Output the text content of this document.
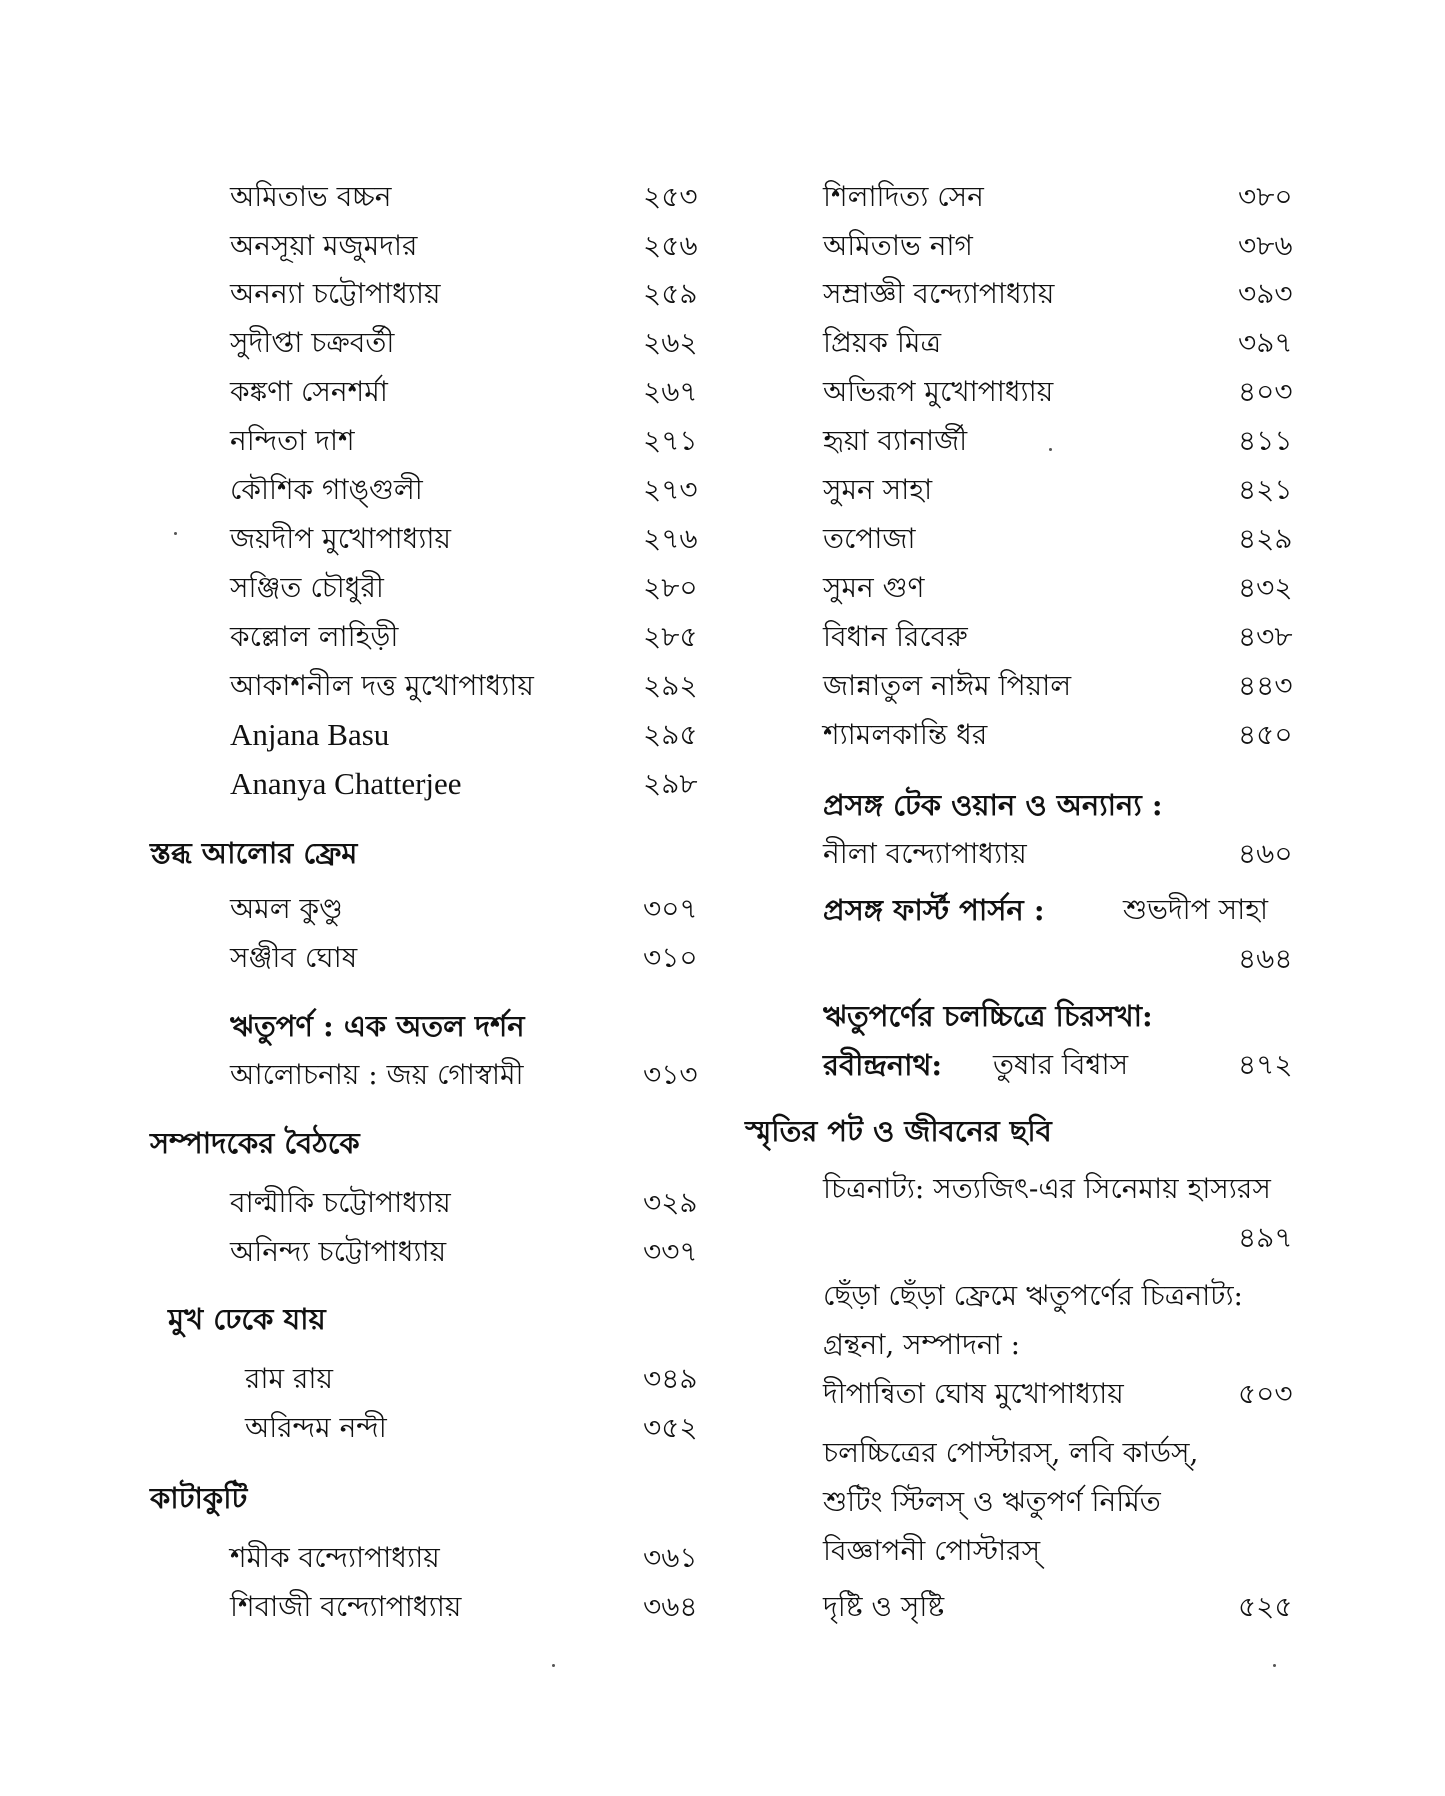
অমিতাভ বচ্চন	২৫৩
অনসূয়া মজুমদার	২৫৬
অনন্যা চট্টোপাধ্যায়	২৫৯
সুদীপ্তা চক্রবর্তী	২৬২
কঙ্কণা সেনশর্মা	২৬৭
নন্দিতা দাশ	২৭১
কৌশিক গাঙ্গুলী	২৭৩
জয়দীপ মুখোপাধ্যায়	২৭৬
সঞ্জিত চৌধুরী	২৮০
কল্লোল লাহিড়ী	২৮৫
আকাশনীল দত্ত মুখোপাধ্যায়	২৯২
Anjana Basu	২৯৫
Ananya Chatterjee	২৯৮
স্তব্ধ আলোর ফ্রেম
অমল কুণ্ডু	৩০৭
সঞ্জীব ঘোষ	৩১০
ঋতুপর্ণ : এক অতল দর্শন
আলোচনায় : জয় গোস্বামী	৩১৩
সম্পাদকের বৈঠকে
বাল্মীকি চট্টোপাধ্যায়	৩২৯
অনিন্দ্য চট্টোপাধ্যায়	৩৩৭
মুখ ঢেকে যায়
রাম রায়	৩৪৯
অরিন্দম নন্দী	৩৫২
কাটাকুটি
শমীক বন্দ্যোপাধ্যায়	৩৬১
শিবাজী বন্দ্যোপাধ্যায়	৩৬৪
শিলাদিত্য সেন	৩৮০
অমিতাভ নাগ	৩৮৬
সম্রাজ্ঞী বন্দ্যোপাধ্যায়	৩৯৩
প্রিয়ক মিত্র	৩৯৭
অভিরূপ মুখোপাধ্যায়	৪০৩
হৃয়া ব্যানার্জী	৪১১
সুমন সাহা	৪২১
তপোজা	৪২৯
সুমন গুণ	৪৩২
বিধান রিবেরু	৪৩৮
জান্নাতুল নাঈম পিয়াল	৪৪৩
শ্যামলকান্তি ধর	৪৫০
প্রসঙ্গ টেক ওয়ান ও অন্যান্য :
নীলা বন্দ্যোপাধ্যায়	৪৬০
প্রসঙ্গ ফার্স্ট পার্সন :	শুভদীপ সাহা
৪৬৪
ঋতুপর্ণের চলচ্চিত্রে চিরসখা:
রবীন্দ্রনাথ: তুষার বিশ্বাস	৪৭২
স্মৃতির পট ও জীবনের ছবি
চিত্রনাট্য: সত্যজিৎ-এর সিনেমায় হাস্যরস
৪৯৭
ছেঁড়া ছেঁড়া ফ্রেমে ঋতুপর্ণের চিত্রনাট্য:
গ্রন্থনা, সম্পাদনা :
দীপান্বিতা ঘোষ মুখোপাধ্যায়	৫০৩
চলচ্চিত্রের পোস্টারস্, লবি কার্ডস্,
শুটিং স্টিলস্ ও ঋতুপর্ণ নির্মিত
বিজ্ঞাপনী পোস্টারস্
দৃষ্টি ও সৃষ্টি	৫২৫
